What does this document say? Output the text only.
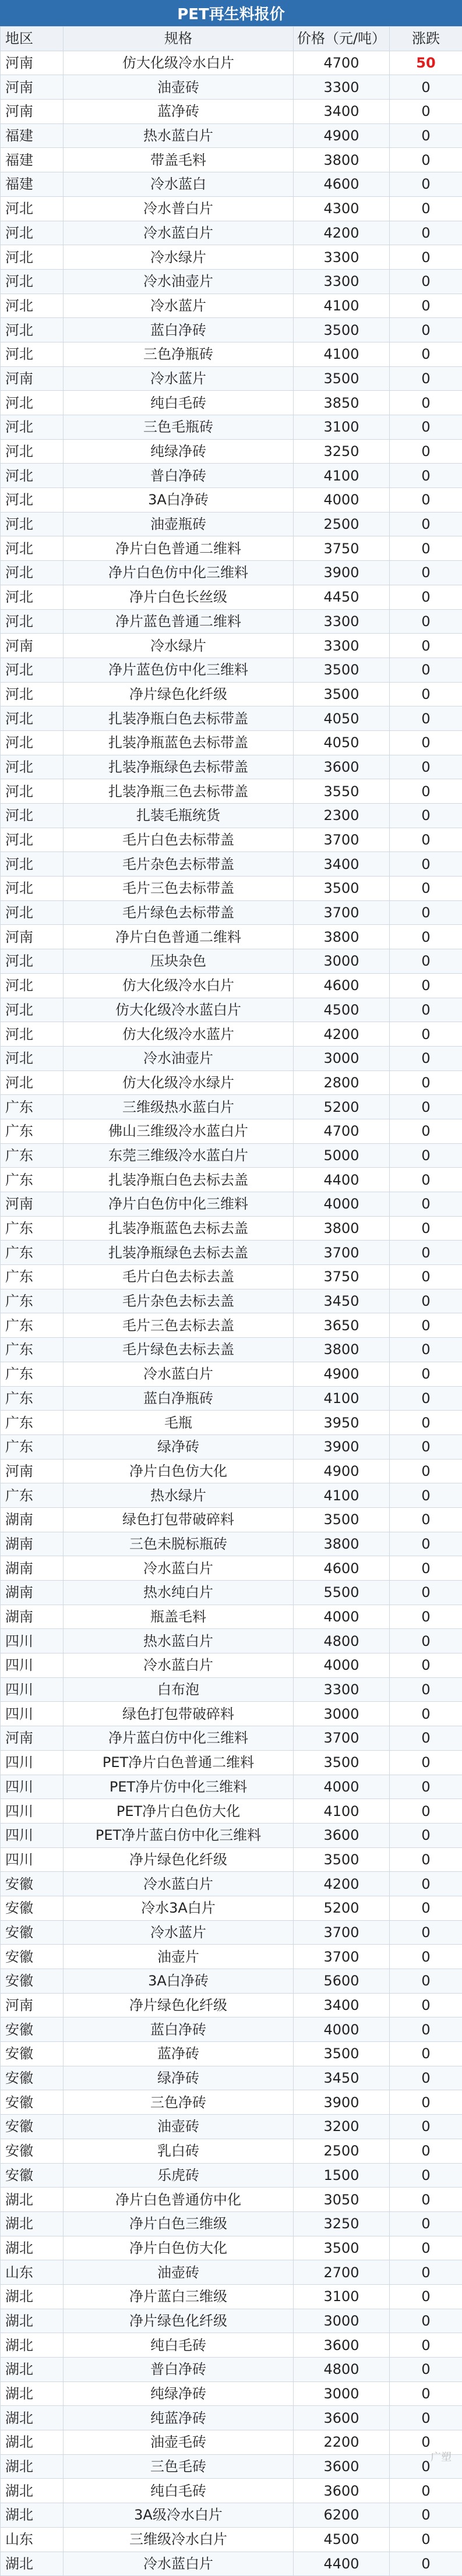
PET再生料报价
地区	规格	价格（元/吨）	涨跌
河南	仿大化级冷水白片	4700	50
河南	油壶砖	3300	0
河南	蓝净砖	3400	0
福建	热水蓝白片	4900	0
福建	带盖毛料	3800	0
福建	冷水蓝白	4600	0
河北	冷水普白片	4300	0
河北	冷水蓝白片	4200	0
河北	冷水绿片	3300	0
河北	冷水油壶片	3300	0
河北	冷水蓝片	4100	0
河北	蓝白净砖	3500	0
河北	三色净瓶砖	4100	0
河南	冷水蓝片	3500	0
河北	纯白毛砖	3850	0
河北	三色毛瓶砖	3100	0
河北	纯绿净砖	3250	0
河北	普白净砖	4100	0
河北	3A白净砖	4000	0
河北	油壶瓶砖	2500	0
河北	净片白色普通二维料	3750	0
河北	净片白色仿中化三维料	3900	0
河北	净片白色长丝级	4450	0
河北	净片蓝色普通二维料	3300	0
河南	冷水绿片	3300	0
河北	净片蓝色仿中化三维料	3500	0
河北	净片绿色化纤级	3500	0
河北	扎装净瓶白色去标带盖	4050	0
河北	扎装净瓶蓝色去标带盖	4050	0
河北	扎装净瓶绿色去标带盖	3600	0
河北	扎装净瓶三色去标带盖	3550	0
河北	扎装毛瓶统货	2300	0
河北	毛片白色去标带盖	3700	0
河北	毛片杂色去标带盖	3400	0
河北	毛片三色去标带盖	3500	0
河北	毛片绿色去标带盖	3700	0
河南	净片白色普通二维料	3800	0
河北	压块杂色	3000	0
河北	仿大化级冷水白片	4600	0
河北	仿大化级冷水蓝白片	4500	0
河北	仿大化级冷水蓝片	4200	0
河北	冷水油壶片	3000	0
河北	仿大化级冷水绿片	2800	0
广东	三维级热水蓝白片	5200	0
广东	佛山三维级冷水蓝白片	4700	0
广东	东莞三维级冷水蓝白片	5000	0
广东	扎装净瓶白色去标去盖	4400	0
河南	净片白色仿中化三维料	4000	0
广东	扎装净瓶蓝色去标去盖	3800	0
广东	扎装净瓶绿色去标去盖	3700	0
广东	毛片白色去标去盖	3750	0
广东	毛片杂色去标去盖	3450	0
广东	毛片三色去标去盖	3650	0
广东	毛片绿色去标去盖	3800	0
广东	冷水蓝白片	4900	0
广东	蓝白净瓶砖	4100	0
广东	毛瓶	3950	0
广东	绿净砖	3900	0
河南	净片白色仿大化	4900	0
广东	热水绿片	4100	0
湖南	绿色打包带破碎料	3500	0
湖南	三色未脱标瓶砖	3800	0
湖南	冷水蓝白片	4600	0
湖南	热水纯白片	5500	0
湖南	瓶盖毛料	4000	0
四川	热水蓝白片	4800	0
四川	冷水蓝白片	4000	0
四川	白布泡	3300	0
四川	绿色打包带破碎料	3000	0
河南	净片蓝白仿中化三维料	3700	0
四川	PET净片白色普通二维料	3500	0
四川	PET净片仿中化三维料	4000	0
四川	PET净片白色仿大化	4100	0
四川	PET净片蓝白仿中化三维料	3600	0
四川	净片绿色化纤级	3500	0
安徽	冷水蓝白片	4200	0
安徽	冷水3A白片	5200	0
安徽	冷水蓝片	3700	0
安徽	油壶片	3700	0
安徽	3A白净砖	5600	0
河南	净片绿色化纤级	3400	0
安徽	蓝白净砖	4000	0
安徽	蓝净砖	3500	0
安徽	绿净砖	3450	0
安徽	三色净砖	3900	0
安徽	油壶砖	3200	0
安徽	乳白砖	2500	0
安徽	乐虎砖	1500	0
湖北	净片白色普通仿中化	3050	0
湖北	净片白色三维级	3250	0
湖北	净片白色仿大化	3500	0
山东	油壶砖	2700	0
湖北	净片蓝白三维级	3100	0
湖北	净片绿色化纤级	3000	0
湖北	纯白毛砖	3600	0
湖北	普白净砖	4800	0
湖北	纯绿净砖	3000	0
湖北	纯蓝净砖	3600	0
湖北	油壶毛砖	2200	0
湖北	三色毛砖	3600	0
湖北	纯白毛砖	3600	0
湖北	3A级冷水白片	6200	0
山东	三维级冷水白片	4500	0
湖北	冷水蓝白片	4400	0
广塑
